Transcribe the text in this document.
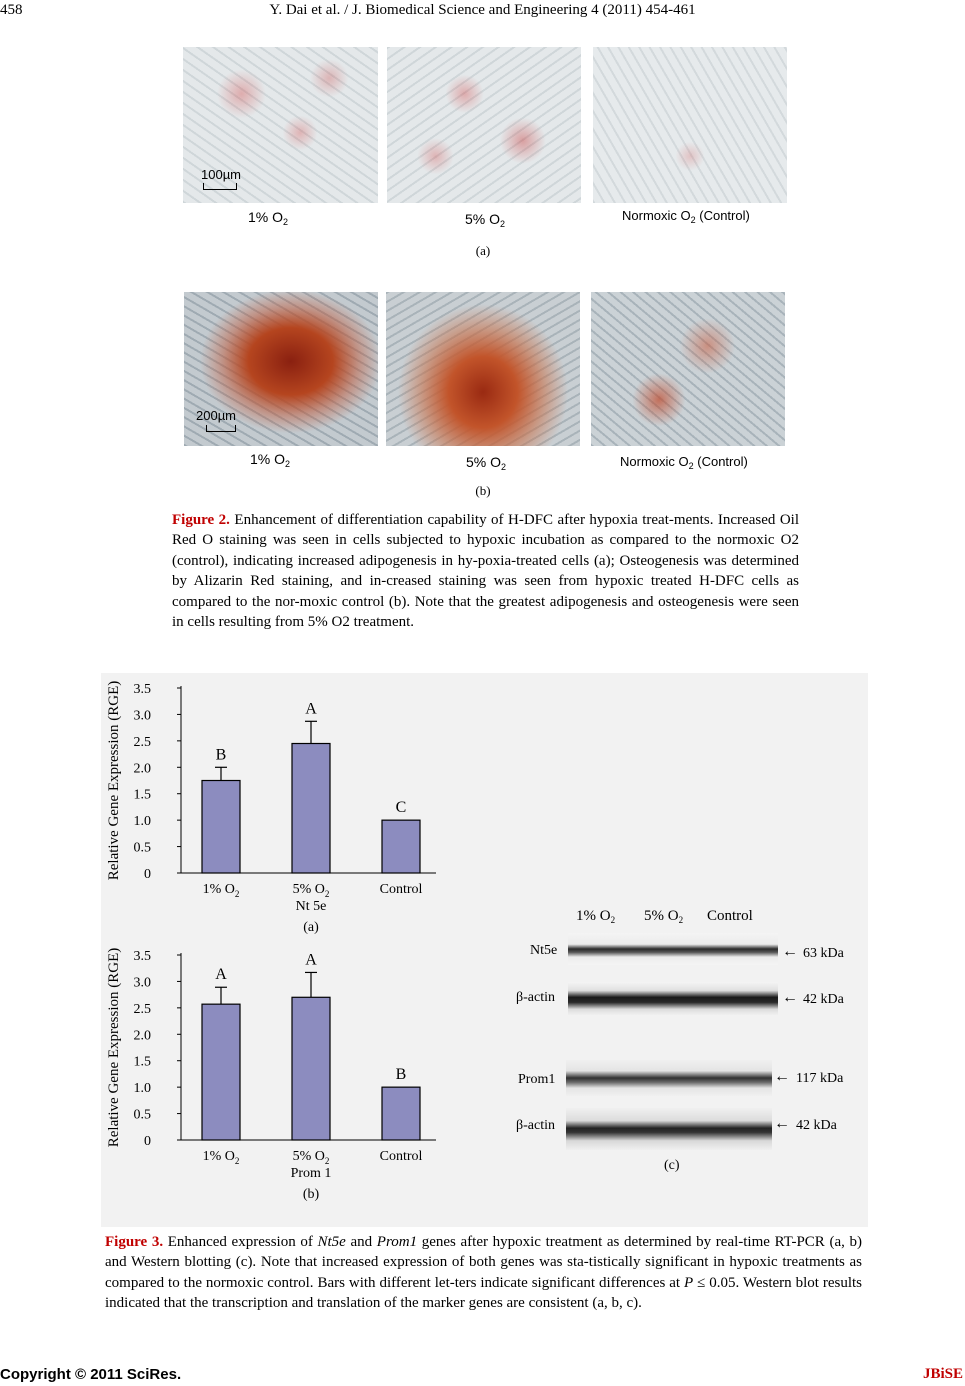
458	Y. Dai et al. / J. Biomedical Science and Engineering 4 (2011) 454-461
100µm
1% $O_2$	5% $O_2$
Normoxic $O_2$ (Control)
(a)
200µm
1% $O_2$	5% $O_2$	Normoxic $O_2$ (Control)
(b)
Figure 2. Enhancement of differentiation capability of H-DFC after hypoxia treat-ments. Increased Oil Red O staining was seen in cells subjected to hypoxic incubation as compared to the normoxic O2 (control), indicating increased adipogenesis in hy-poxia-treated cells (a); Osteogenesis was determined by Alizarin Red staining, and in-creased staining was seen from hypoxic treated H-DFC cells as compared to the nor-moxic control (b). Note that the greatest adipogenesis and osteogenesis were seen in cells resulting from 5% O2 treatment.
0
0.5
1.0
1.5
2.0
2.5
3.0
3.5
Relative Gene Expression (RGE)	B
1% $O_2$
A
5% $O_2$
C
Control
Nt 5e
(a)
0
0.5
1.0
1.5
2.0
2.5
3.0
3.5
Relative Gene Expression (RGE)	A
1% $O_2$
A
5% $O_2$
B
Control
Prom 1
(b)
1% $O_2$ 5% $O_2$ Control
Nt5e	← 63 kDa
β-actin	← 42 kDa
Prom1	← 117 kDa
β-actin	← 42 kDa
(c)
Figure 3. Enhanced expression of Nt5e and Prom1 genes after hypoxic treatment as determined by real-time RT-PCR (a, b) and Western blotting (c). Note that increased expression of both genes was sta-tistically significant in hypoxic treatments as compared to the normoxic control. Bars with different let-ters indicate significant differences at P ≤ 0.05. Western blot results indicated that the transcription and translation of the marker genes are consistent (a, b, c).
Copyright © 2011 SciRes.	JBiSE
